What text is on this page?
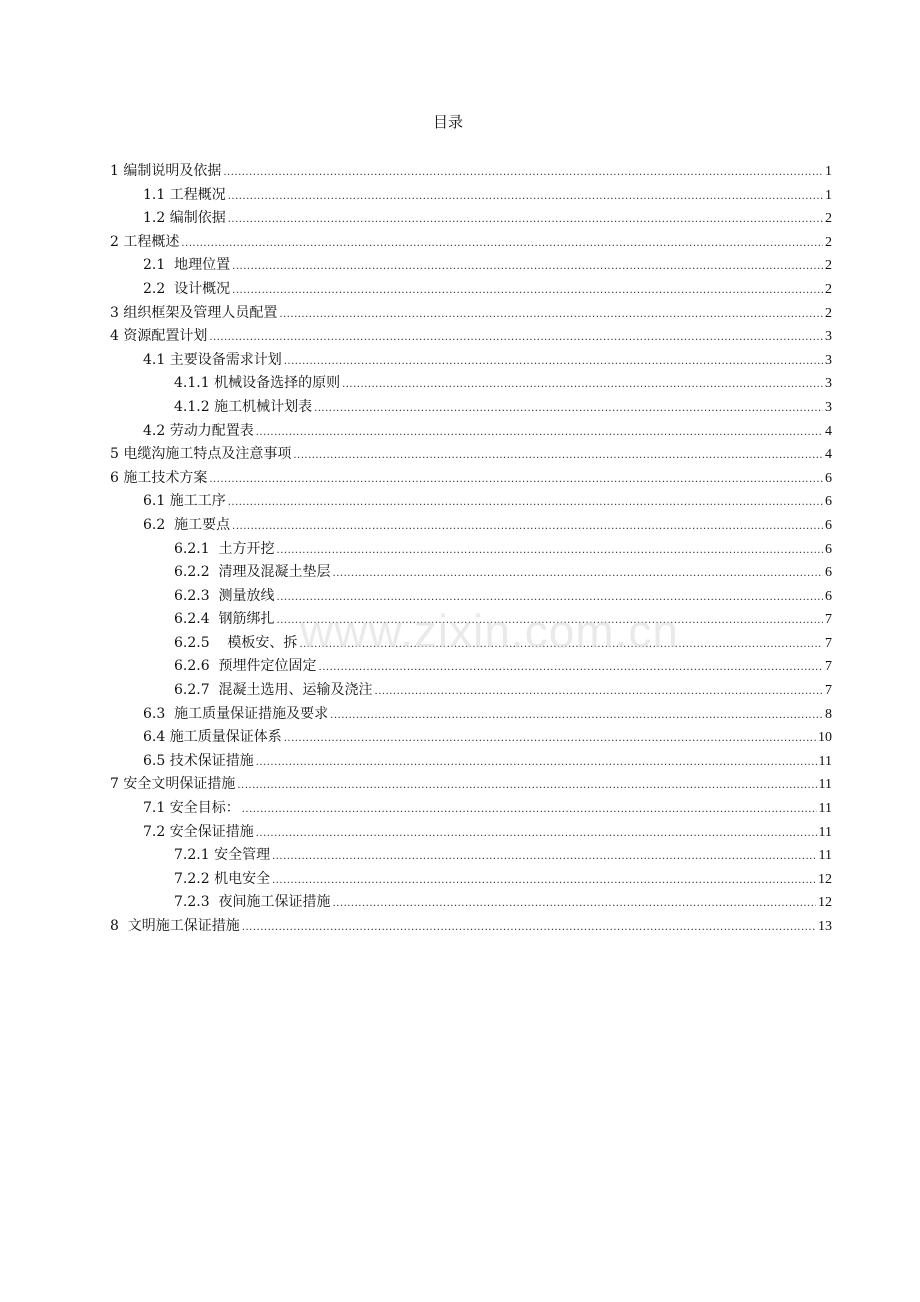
目录
1 编制说明及依据 .....	1
1.1 工程概况 .....	1
1.2 编制依据 .....	2
2 工程概述 .....	2
2.1  地理位置 .....	2
2.2  设计概况 .....	2
3 组织框架及管理人员配置 .....	2
4 资源配置计划 .....	3
4.1 主要设备需求计划 .....	3
4.1.1 机械设备选择的原则 .....	3
4.1.2 施工机械计划表 .....	3
4.2 劳动力配置表 .....	4
5 电缆沟施工特点及注意事项 .....	4
6 施工技术方案 .....	6
6.1 施工工序 .....	6
6.2  施工要点 .....	6
6.2.1  土方开挖 .....	6
6.2.2  清理及混凝土垫层 .....	6
6.2.3  测量放线 .....	6
6.2.4  钢筋绑扎 .....	7
6.2.5    模板安、拆 .....	7
6.2.6  预埋件定位固定 .....	7
6.2.7  混凝土选用、运输及浇注 .....	7
6.3  施工质量保证措施及要求 .....	8
6.4 施工质量保证体系 .....	10
6.5 技术保证措施 .....	11
7 安全文明保证措施 .....	11
7.1 安全目标： .....	11
7.2 安全保证措施 .....	11
7.2.1 安全管理 .....	11
7.2.2 机电安全 .....	12
7.2.3  夜间施工保证措施 .....	12
8  文明施工保证措施 .....	13
www.zixin.com.cn
